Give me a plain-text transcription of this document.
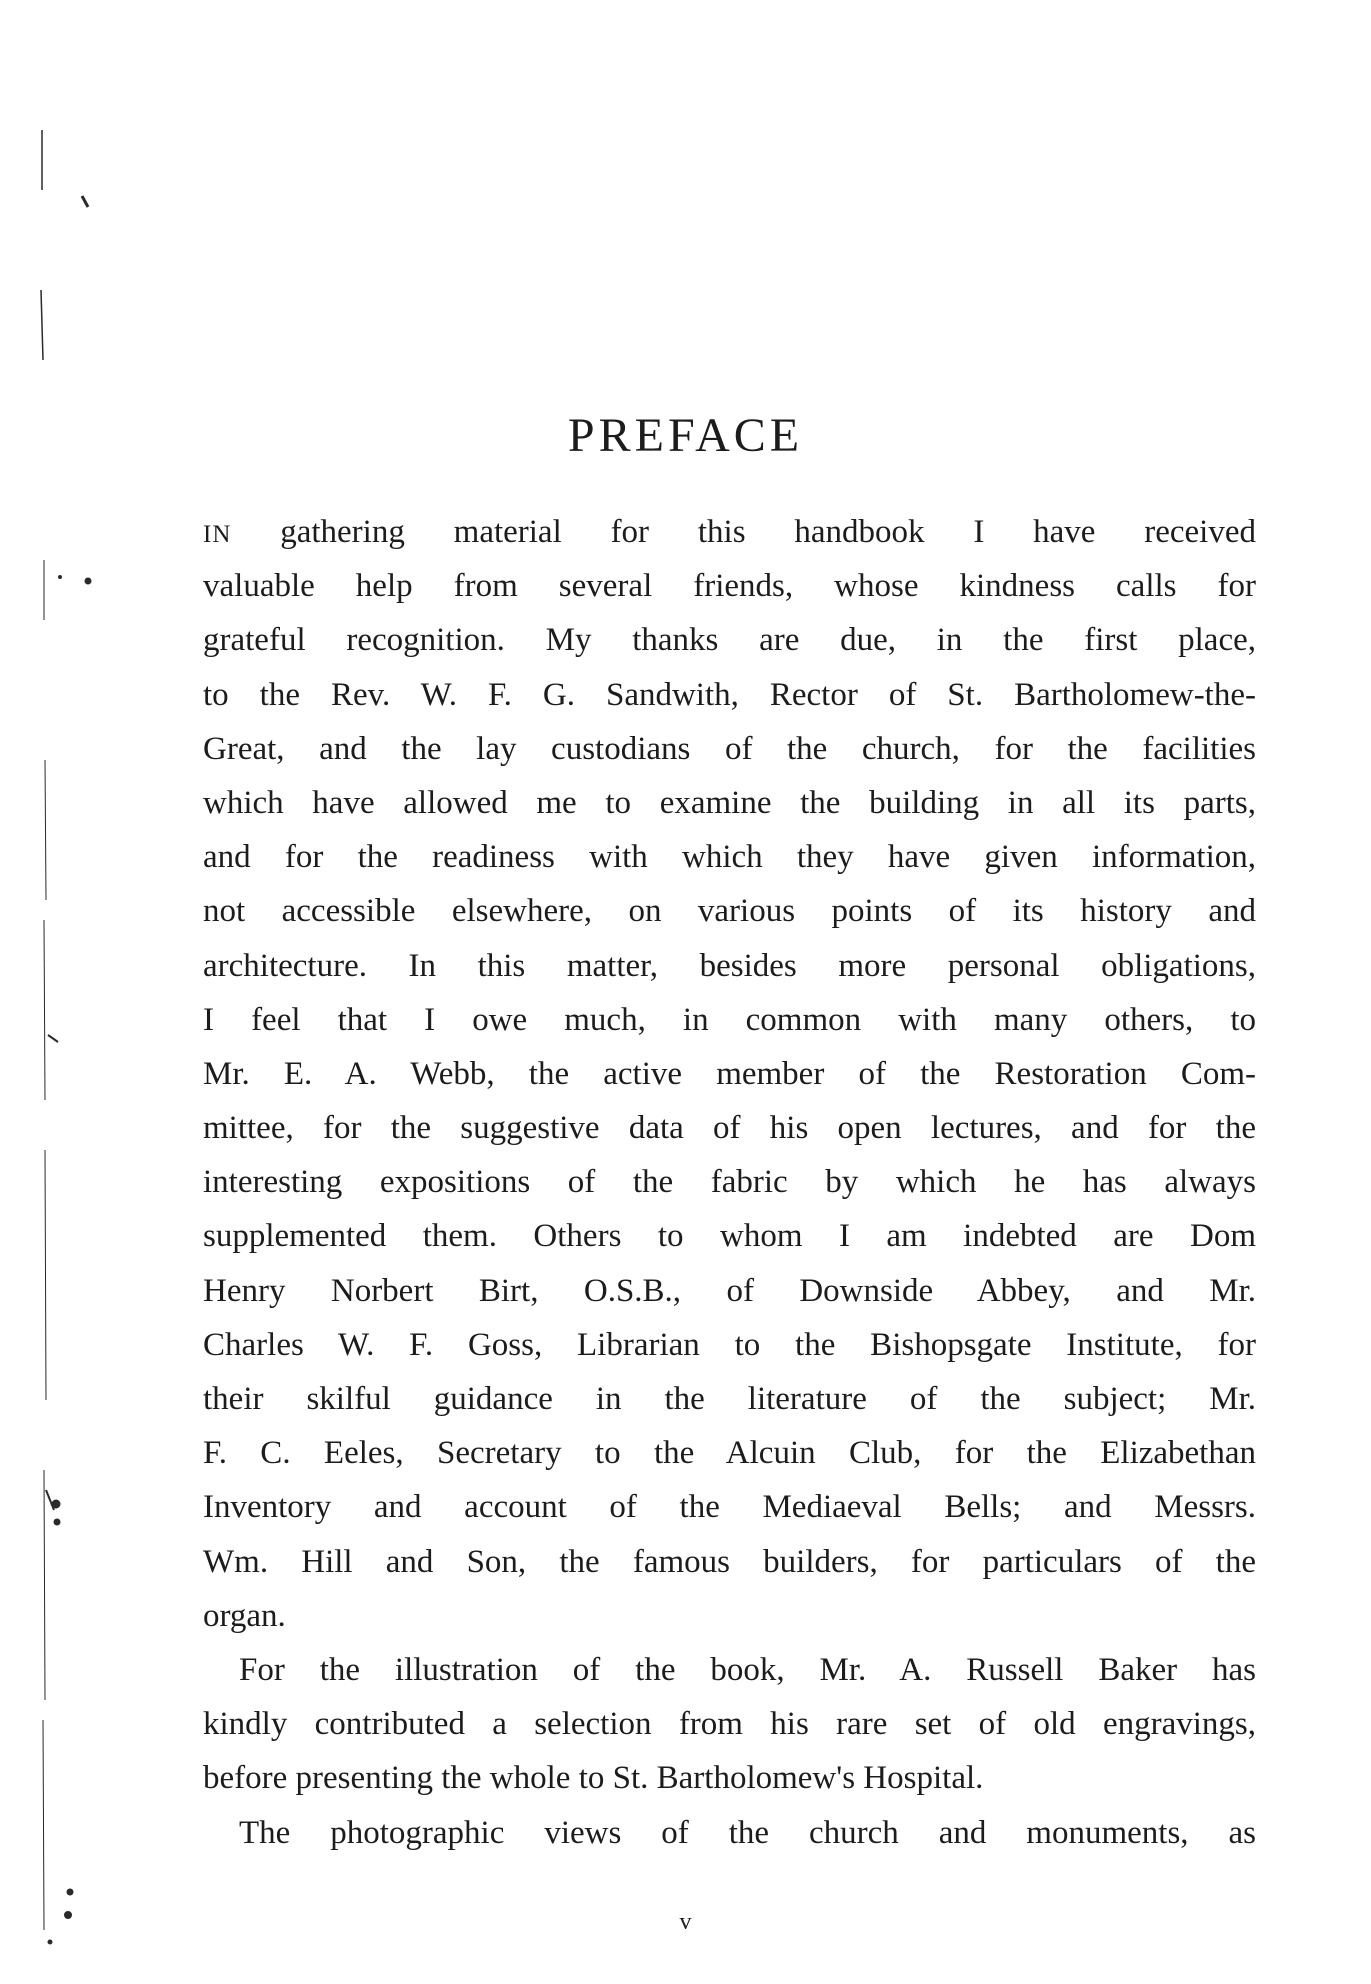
PREFACE
IN gathering material for this handbook I have received
valuable help from several friends, whose kindness calls for
grateful recognition. My thanks are due, in the first place,
to the Rev. W. F. G. Sandwith, Rector of St. Bartholomew-the-
Great, and the lay custodians of the church, for the facilities
which have allowed me to examine the building in all its parts,
and for the readiness with which they have given information,
not accessible elsewhere, on various points of its history and
architecture. In this matter, besides more personal obligations,
I feel that I owe much, in common with many others, to
Mr. E. A. Webb, the active member of the Restoration Com-
mittee, for the suggestive data of his open lectures, and for the
interesting expositions of the fabric by which he has always
supplemented them. Others to whom I am indebted are Dom
Henry Norbert Birt, O.S.B., of Downside Abbey, and Mr.
Charles W. F. Goss, Librarian to the Bishopsgate Institute, for
their skilful guidance in the literature of the subject; Mr.
F. C. Eeles, Secretary to the Alcuin Club, for the Elizabethan
Inventory and account of the Mediaeval Bells; and Messrs.
Wm. Hill and Son, the famous builders, for particulars of the
organ.
For the illustration of the book, Mr. A. Russell Baker has
kindly contributed a selection from his rare set of old engravings,
before presenting the whole to St. Bartholomew's Hospital.
The photographic views of the church and monuments, as
v
